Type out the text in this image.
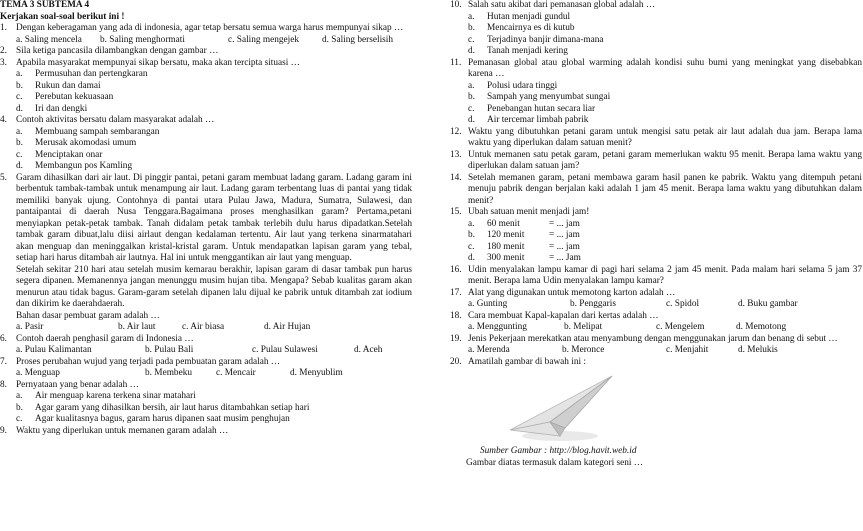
TEMA 3 SUBTEMA 4
Kerjakan soal-soal berikut ini !
1. Dengan keberagaman yang ada di indonesia, agar tetap bersatu semua warga harus mempunyai sikap …
a. Saling mencela b. Saling menghormati	c. Saling mengejek d. Saling berselisih
2. Sila ketiga pancasila dilambangkan dengan gambar …
3. Apabila masyarakat mempunyai sikap bersatu, maka akan tercipta situasi …
a. Permusuhan dan pertengkaran
b. Rukun dan damai
c. Perebutan kekuasaan
d. Iri dan dengki
4. Contoh aktivitas bersatu dalam masyarakat adalah …
a. Membuang sampah sembarangan
b. Merusak akomodasi umum
c. Menciptakan onar
d. Membangun pos Kamling
5. Garam dihasilkan dari air laut. Di pinggir pantai, petani garam membuat ladang garam. Ladang garam ini berbentuk tambak-tambak untuk menampung air laut. Ladang garam terbentang luas di pantai yang tidak memiliki banyak ujung. Contohnya di pantai utara Pulau Jawa, Madura, Sumatra, Sulawesi, dan pantaipantai di daerah Nusa Tenggara.Bagaimana proses menghasilkan garam? Pertama,petani menyiapkan petak-petak tambak. Tanah didalam petak tambak terlebih dulu harus dipadatkan.Setelah tambak garam dibuat,lalu diisi airlaut dengan kedalaman tertentu. Air laut yang terkena sinarmatahari akan menguap dan meninggalkan kristal-kristal garam. Untuk mendapatkan lapisan garam yang tebal, setiap hari harus ditambah air lautnya. Hal ini untuk menggantikan air laut yang menguap.
Setelah sekitar 210 hari atau setelah musim kemarau berakhir, lapisan garam di dasar tambak pun harus segera dipanen. Memanennya jangan menunggu musim hujan tiba. Mengapa? Sebab kualitas garam akan menurun atau tidak bagus. Garam-garam setelah dipanen lalu dijual ke pabrik untuk ditambah zat iodium dan dikirim ke daerahdaerah.
Bahan dasar pembuat garam adalah …
a. Pasir	b. Air laut	c. Air biasa	d. Air Hujan
6. Contoh daerah penghasil garam di Indonesia …
a. Pulau Kalimantan	b. Pulau Bali	c. Pulau Sulawesi	d. Aceh
7. Proses perubahan wujud yang terjadi pada pembuatan garam adalah …
a. Menguap	b. Membeku	c. Mencair	d. Menyublim
8. Pernyataan yang benar adalah …
a. Air menguap karena terkena sinar matahari
b. Agar garam yang dihasilkan bersih, air laut harus ditambahkan setiap hari
c. Agar kualitasnya bagus, garam harus dipanen saat musim penghujan
9. Waktu yang diperlukan untuk memanen garam adalah …
10. Salah satu akibat dari pemanasan global adalah …
a. Hutan menjadi gundul
b. Mencairnya es di kutub
c. Terjadinya banjir dimana-mana
d. Tanah menjadi kering
11. Pemanasan global atau global warming adalah kondisi suhu bumi yang meningkat yang disebabkan karena …
a. Polusi udara tinggi
b. Sampah yang menyumbat sungai
c. Penebangan hutan secara liar
d. Air tercemar limbah pabrik
12. Waktu yang dibutuhkan petani garam untuk mengisi satu petak air laut adalah dua jam. Berapa lama waktu yang diperlukan dalam satuan menit?
13. Untuk memanen satu petak garam, petani garam memerlukan waktu 95 menit. Berapa lama waktu yang diperlukan dalam satuan jam?
14. Setelah memanen garam, petani membawa garam hasil panen ke pabrik. Waktu yang ditempuh petani menuju pabrik dengan berjalan kaki adalah 1 jam 45 menit. Berapa lama waktu yang dibutuhkan dalam menit?
15. Ubah satuan menit menjadi jam!
a. 60 menit	= ... jam
b. 120 menit	= ... jam
c. 180 menit	= ... jam
d. 300 menit	= ... Jam
16. Udin menyalakan lampu kamar di pagi hari selama 2 jam 45 menit. Pada malam hari selama 5 jam 37 menit. Berapa lama Udin menyalakan lampu kamar?
17. Alat yang digunakan untuk memotong karton adalah …
a. Gunting	b. Penggaris	c. Spidol	d. Buku gambar
18. Cara membuat Kapal-kapalan dari kertas adalah …
a. Menggunting	b. Melipat	c. Mengelem	d. Memotong
19. Jenis Pekerjaan merekatkan atau menyambung dengan menggunakan jarum dan benang di sebut …
a. Merenda	b. Meronce	c. Menjahit	d. Melukis
20. Amatilah gambar di bawah ini :
Sumber Gambar : http://blog.havit.web.id
Gambar diatas termasuk dalam kategori seni …
